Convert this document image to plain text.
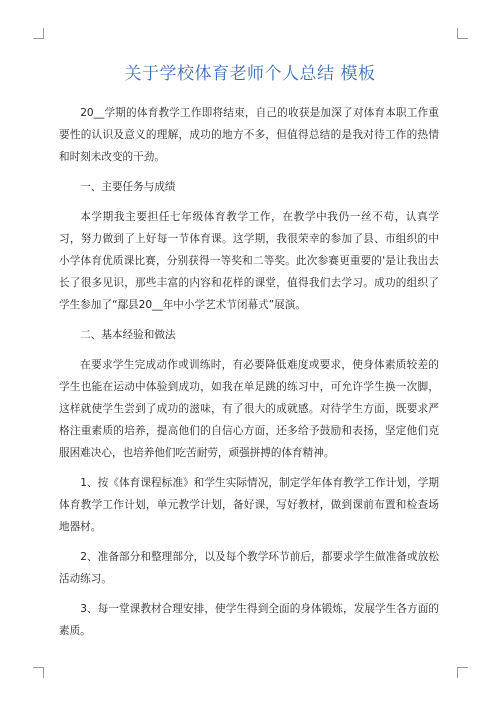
关于学校体育老师个人总结 模板

20__学期的体育教学工作即将结束，自己的收获是加深了对体育本职工作重要性的认识及意义的理解，成功的地方不多，但值得总结的是我对待工作的热情和时刻未改变的干劲。

一、主要任务与成绩

本学期我主要担任七年级体育教学工作，在教学中我仍一丝不苟，认真学习，努力做到了上好每一节体育课。这学期，我很荣幸的参加了县、市组织的中小学体育优质课比赛，分别获得一等奖和二等奖。此次参赛更重要的'是让我出去长了很多见识，那些丰富的内容和花样的课堂，值得我们去学习。成功的组织了学生参加了“鄢县20__年中小学艺术节闭幕式”展演。

二、基本经验和做法

在要求学生完成动作或训练时，有必要降低难度或要求，使身体素质较差的学生也能在运动中体验到成功，如我在单足跳的练习中，可允许学生换一次脚，这样就使学生尝到了成功的滋味，有了很大的成就感。对待学生方面，既要求严格注重素质的培养，提高他们的自信心方面，还多给予鼓励和表扬，坚定他们克服困难决心，也培养他们吃苦耐劳，顽强拼搏的体育精神。

1、按《体育课程标准》和学生实际情况，制定学年体育教学工作计划，学期体育教学工作计划，单元教学计划，备好课，写好教材，做到课前布置和检查场地器材。

2、准备部分和整理部分，以及每个教学环节前后，都要求学生做准备或放松活动练习。

3、每一堂课教材合理安排，使学生得到全面的身体锻炼，发展学生各方面的素质。
